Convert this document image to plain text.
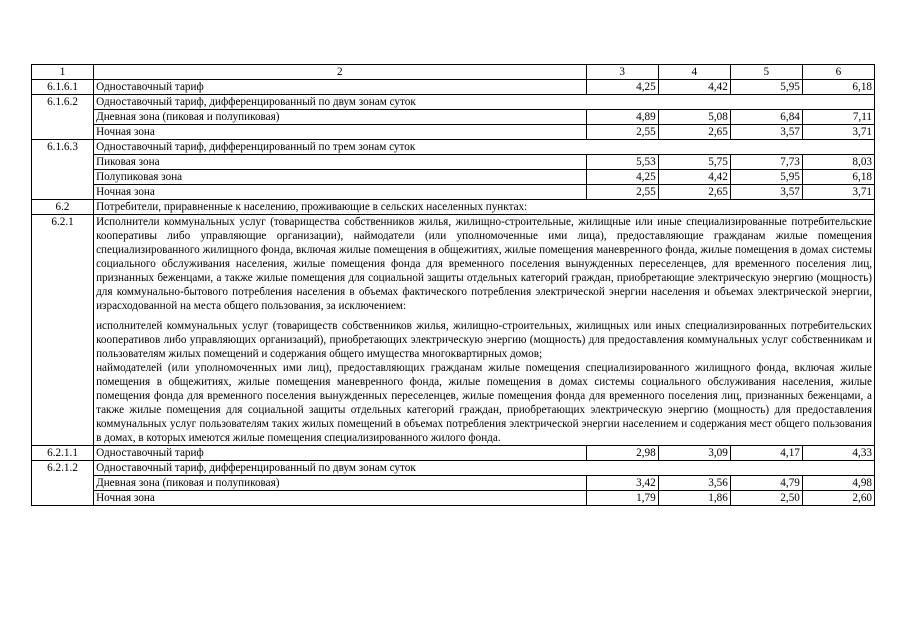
1	2	3	4	5	6
6.1.6.1	Одноставочный тариф	4,25	4,42	5,95	6,18
6.1.6.2	Одноставочный тариф, дифференцированный по двум зонам суток				
	Дневная зона (пиковая и полупиковая)	4,89	5,08	6,84	7,11
	Ночная зона	2,55	2,65	3,57	3,71
6.1.6.3	Одноставочный тариф, дифференцированный по трем зонам суток				
	Пиковая зона	5,53	5,75	7,73	8,03
	Полупиковая зона	4,25	4,42	5,95	6,18
	Ночная зона	2,55	2,65	3,57	3,71
6.2	Потребители, приравненные к населению, проживающие в сельских населенных пунктах:				
6.2.1	Исполнители коммунальных услуг (товарищества собственников жилья, жилищно-строительные, жилищные или иные специализированные потребительские кооперативы либо управляющие организации), наймодатели (или уполномоченные ими лица), предоставляющие гражданам жилые помещения специализированного жилищного фонда, включая жилые помещения в общежитиях, жилые помещения маневренного фонда, жилые помещения в домах системы социального обслуживания населения, жилые помещения фонда для временного поселения вынужденных переселенцев, для временного поселения лиц, признанных беженцами, а также жилые помещения для социальной защиты отдельных категорий граждан, приобретающие электрическую энергию (мощность) для коммунально-бытового потребления населения в объемах фактического потребления электрической энергии населения и объемах электрической энергии, израсходованной на места общего пользования, за исключением:

исполнителей коммунальных услуг (товариществ собственников жилья, жилищно-строительных, жилищных или иных специализированных потребительских кооперативов либо управляющих организаций), приобретающих электрическую энергию (мощность) для предоставления коммунальных услуг собственникам и пользователям жилых помещений и содержания общего имущества многоквартирных домов;

наймодателей (или уполномоченных ими лиц), предоставляющих гражданам жилые помещения специализированного жилищного фонда, включая жилые помещения в общежитиях, жилые помещения маневренного фонда, жилые помещения в домах системы социального обслуживания населения, жилые помещения фонда для временного поселения вынужденных переселенцев, жилые помещения фонда для временного поселения лиц, признанных беженцами, а также жилые помещения для социальной защиты отдельных категорий граждан, приобретающих электрическую энергию (мощность) для предоставления коммунальных услуг пользователям таких жилых помещений в объемах потребления электрической энергии населением и содержания мест общего пользования в домах, в которых имеются жилые помещения специализированного жилого фонда.				

6.2.1.1	Одноставочный тариф	2,98	3,09	4,17	4,33
6.2.1.2	Одноставочный тариф, дифференцированный по двум зонам суток				
	Дневная зона (пиковая и полупиковая)	3,42	3,56	4,79	4,98
	Ночная зона	1,79	1,86	2,50	2,60
